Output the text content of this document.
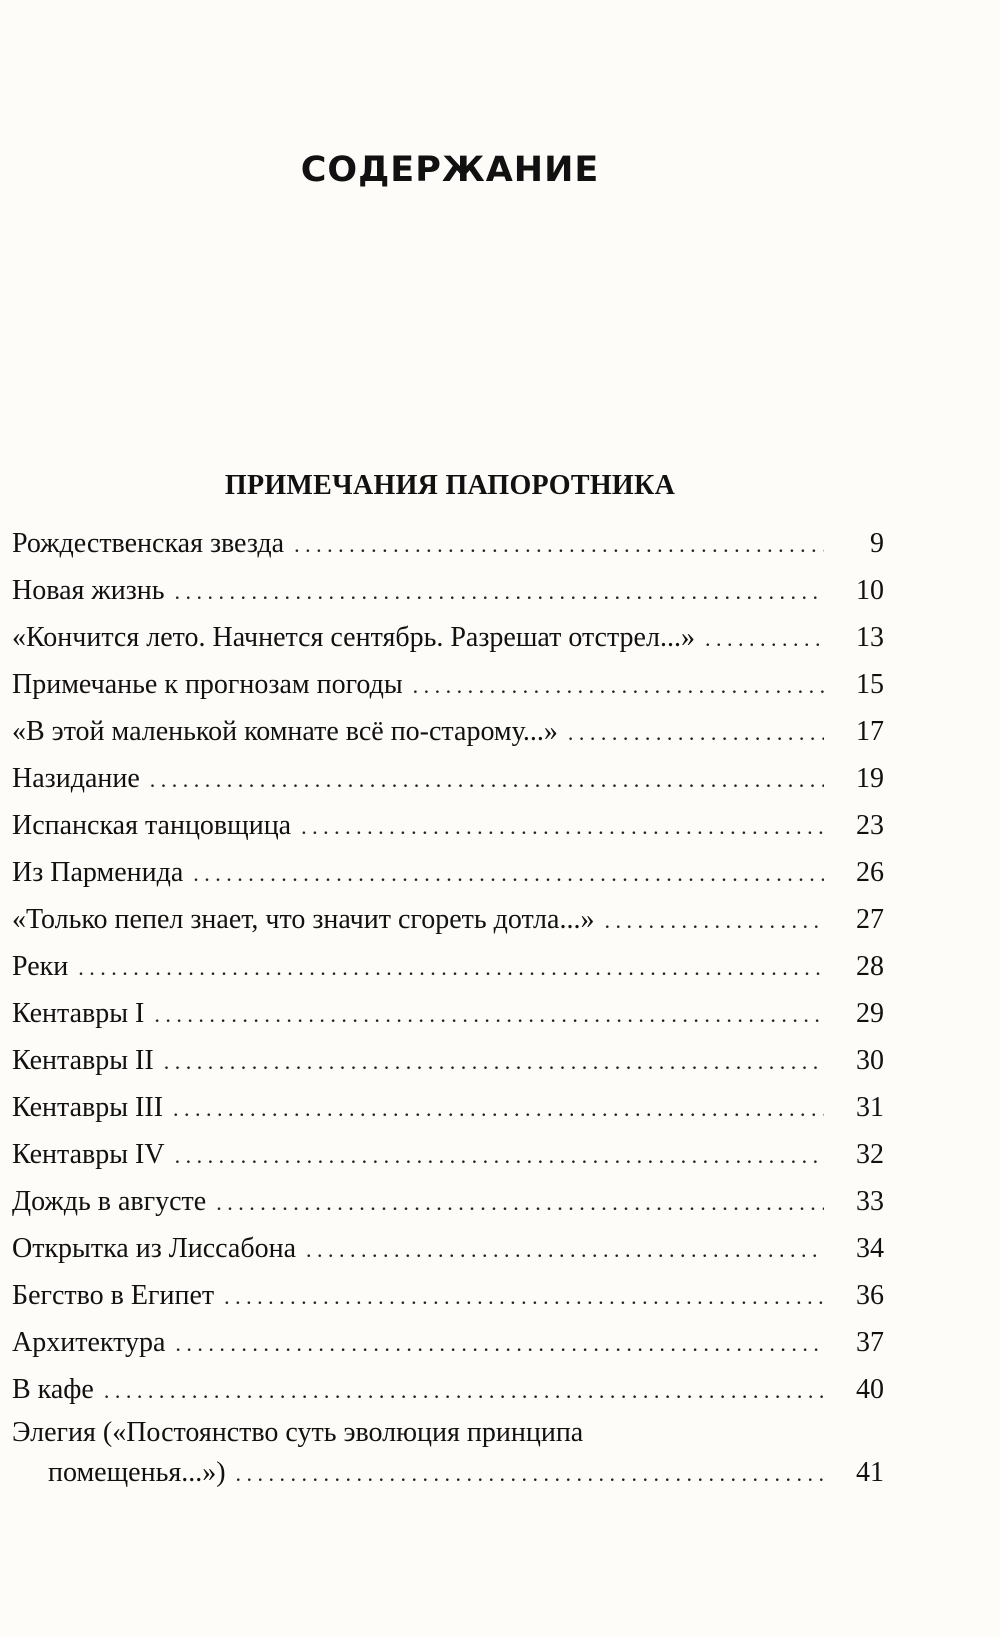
СОДЕРЖАНИЕ
ПРИМЕЧАНИЯ ПАПОРОТНИКА
Рождественская звезда . . .	9
Новая жизнь . . .	10
«Кончится лето. Начнется сентябрь. Разрешат отстрел...» . . .	13
Примечанье к прогнозам погоды . . .	15
«В этой маленькой комнате всё по-старому...» . . .	17
Назидание . . .	19
Испанская танцовщица . . .	23
Из Парменида . . .	26
«Только пепел знает, что значит сгореть дотла...» . . .	27
Реки . . .	28
Кентавры I . . .	29
Кентавры II . . .	30
Кентавры III . . .	31
Кентавры IV . . .	32
Дождь в августе . . .	33
Открытка из Лиссабона . . .	34
Бегство в Египет . . .	36
Архитектура . . .	37
В кафе . . .	40
Элегия («Постоянство суть эволюция принципа
помещенья...») . . .	41
